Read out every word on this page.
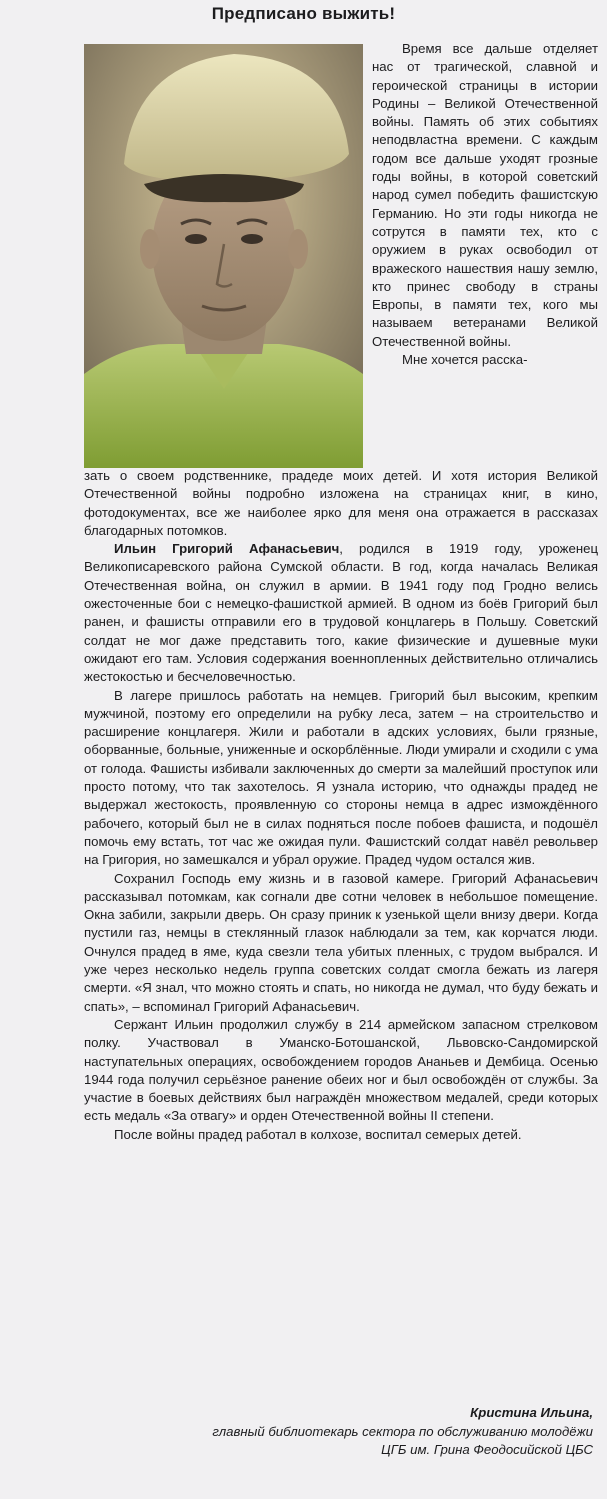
Предписано выжить!

Время все дальше отделяет нас от трагической, славной и героической страницы в истории Родины – Великой Отечественной войны. Память об этих событиях неподвластна времени. С каждым годом все дальше уходят грозные годы войны, в которой советский народ сумел победить фашистскую Германию. Но эти годы никогда не сотрутся в памяти тех, кто с оружием в руках освободил от вражеского нашествия нашу землю, кто принес свободу в страны Европы, в памяти тех, кого мы называем ветеранами Великой Отечественной войны.

Мне хочется расска-

зать о своем родственнике, прадеде моих детей. И хотя история Великой Отечественной войны подробно изложена на страницах книг, в кино, фотодокументах, все же наиболее ярко для меня она отражается в рассказах благодарных потомков.

Ильин Григорий Афанасьевич, родился в 1919 году, уроженец Великописаревского района Сумской области. В год, когда началась Великая Отечественная война, он служил в армии. В 1941 году под Гродно велись ожесточенные бои с немецко-фашисткой армией. В одном из боёв Григорий был ранен, и фашисты отправили его в трудовой концлагерь в Польшу. Советский солдат не мог даже представить того, какие физические и душевные муки ожидают его там. Условия содержания военнопленных действительно отличались жестокостью и бесчеловечностью.

В лагере пришлось работать на немцев. Григорий был высоким, крепким мужчиной, поэтому его определили на рубку леса, затем – на строительство и расширение концлагеря. Жили и работали в адских условиях, были грязные, оборванные, больные, униженные и оскорблённые. Люди умирали и сходили с ума от голода. Фашисты избивали заключенных до смерти за малейший проступок или просто потому, что так захотелось. Я узнала историю, что однажды прадед не выдержал жестокость, проявленную со стороны немца в адрес измождённого рабочего, который был не в силах подняться после побоев фашиста, и подошёл помочь ему встать, тот час же ожидая пули. Фашистский солдат навёл револьвер на Григория, но замешкался и убрал оружие. Прадед чудом остался жив.

Сохранил Господь ему жизнь и в газовой камере. Григорий Афанасьевич рассказывал потомкам, как согнали две сотни человек в небольшое помещение. Окна забили, закрыли дверь. Он сразу приник к узенькой щели внизу двери. Когда пустили газ, немцы в стеклянный глазок наблюдали за тем, как корчатся люди. Очнулся прадед в яме, куда свезли тела убитых пленных, с трудом выбрался. И уже через несколько недель группа советских солдат смогла бежать из лагеря смерти. «Я знал, что можно стоять и спать, но никогда не думал, что буду бежать и спать», – вспоминал Григорий Афанасьевич.

Сержант Ильин продолжил службу в 214 армейском запасном стрелковом полку. Участвовал в Уманско-Ботошанской, Львовско-Сандомирской наступательных операциях, освобождением городов Ананьев и Дембица. Осенью 1944 года получил серьёзное ранение обеих ног и был освобождён от службы. За участие в боевых действиях был награждён множеством медалей, среди которых есть медаль «За отвагу» и орден Отечественной войны II степени.

После войны прадед работал в колхозе, воспитал семерых детей.

Кристина Ильина,
главный библиотекарь сектора по обслуживанию молодёжи
ЦГБ им. Грина Феодосийской ЦБС
